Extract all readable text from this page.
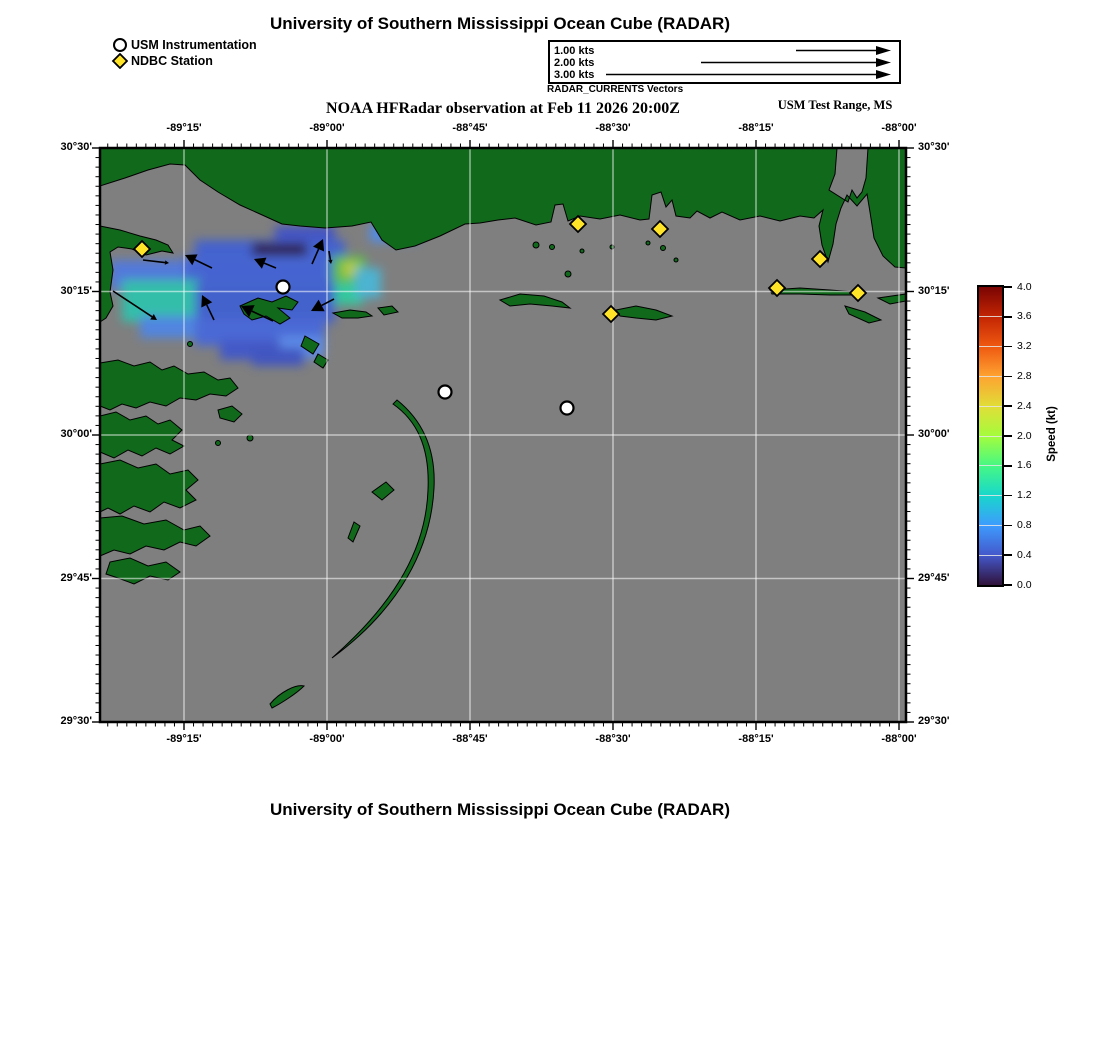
University of Southern Mississippi Ocean Cube (RADAR)
USM Instrumentation
NDBC Station
1.00 kts
2.00 kts
3.00 kts
RADAR_CURRENTS Vectors
NOAA HFRadar observation at Feb 11 2026 20:00Z	USM Test Range, MS
-89°15'
-89°15'
-89°00'
-89°00'
-88°45'
-88°45'
-88°30'
-88°30'
-88°15'
-88°15'
-88°00'
-88°00'
30°30'	30°30'
30°15'	30°15'
30°00'	30°00'
29°45'	29°45'
29°30'	29°30'
0.0
0.4
0.8
1.2
1.6
2.0
2.4
2.8
3.2
3.6
4.0
Speed (kt)
University of Southern Mississippi Ocean Cube (RADAR)
